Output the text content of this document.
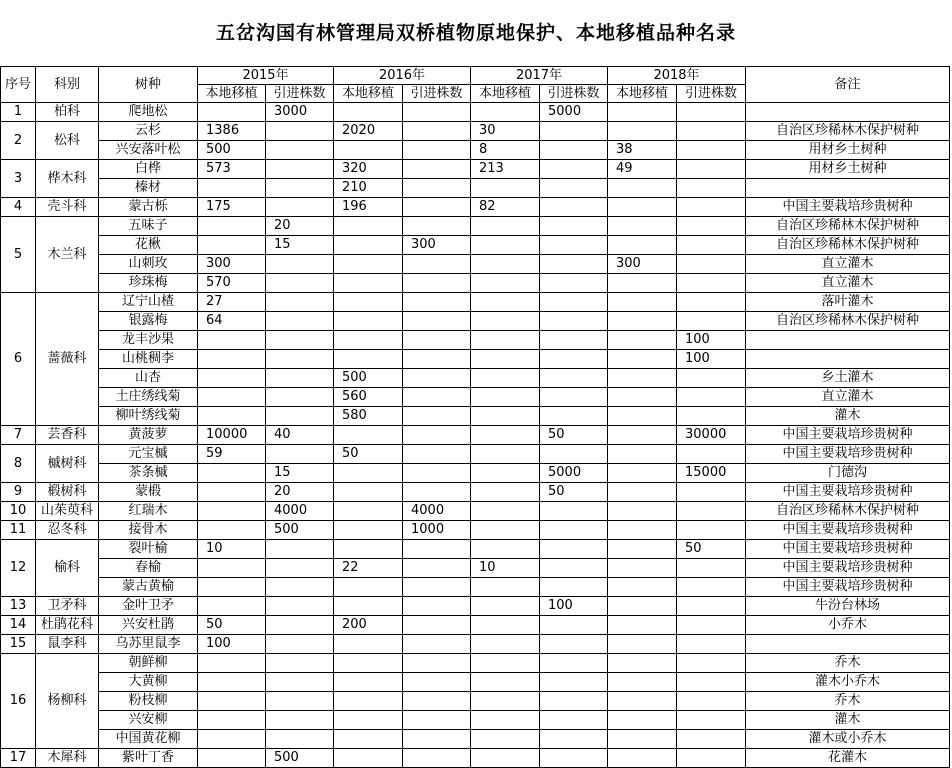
五岔沟国有林管理局双桥植物原地保护、本地移植品种名录
序号	科别	树种	2015年		2016年		2017年		2018年		备注
			本地移植	引进株数	本地移植	引进株数	本地移植	引进株数	本地移植	引进株数	
1	柏科	爬地松		3000				5000			
2	松科	云杉	1386		2020		30				自治区珍稀林木保护树种
		兴安落叶松	500				8		38		用材乡土树种
3	桦木科	白桦	573		320		213		49		用材乡土树种
		榛材			210						
4	壳斗科	蒙古栎	175		196		82				中国主要栽培珍贵树种
5	木兰科	五味子		20							自治区珍稀林木保护树种
		花楸		15		300					自治区珍稀林木保护树种
		山刺玫	300						300		直立灌木
		珍珠梅	570								直立灌木
6	蔷薇科	辽宁山楂	27								落叶灌木
		银露梅	64								自治区珍稀林木保护树种
		龙丰沙果								100	
		山桃稠李								100	
		山杏			500						乡土灌木
		土庄绣线菊			560						直立灌木
		柳叶绣线菊			580						灌木
7	芸香科	黄菠萝	10000	40				50		30000	中国主要栽培珍贵树种
8	槭树科	元宝槭	59		50						中国主要栽培珍贵树种
		茶条槭		15				5000		15000	门德沟
9	椴树科	蒙椴		20				50			中国主要栽培珍贵树种
10	山茱萸科	红瑞木		4000		4000					自治区珍稀林木保护树种
11	忍冬科	接骨木		500		1000					中国主要栽培珍贵树种
12	榆科	裂叶榆	10							50	中国主要栽培珍贵树种
		春榆			22		10				中国主要栽培珍贵树种
		蒙古黄榆									中国主要栽培珍贵树种
13	卫矛科	金叶卫矛						100			牛汾台林场
14	杜鹃花科	兴安杜鹃	50		200						小乔木
15	鼠李科	乌苏里鼠李	100								
16	杨柳科	朝鲜柳									乔木
		大黄柳									灌木小乔木
		粉枝柳									乔木
		兴安柳									灌木
		中国黄花柳									灌木或小乔木
17	木犀科	紫叶丁香		500							花灌木
